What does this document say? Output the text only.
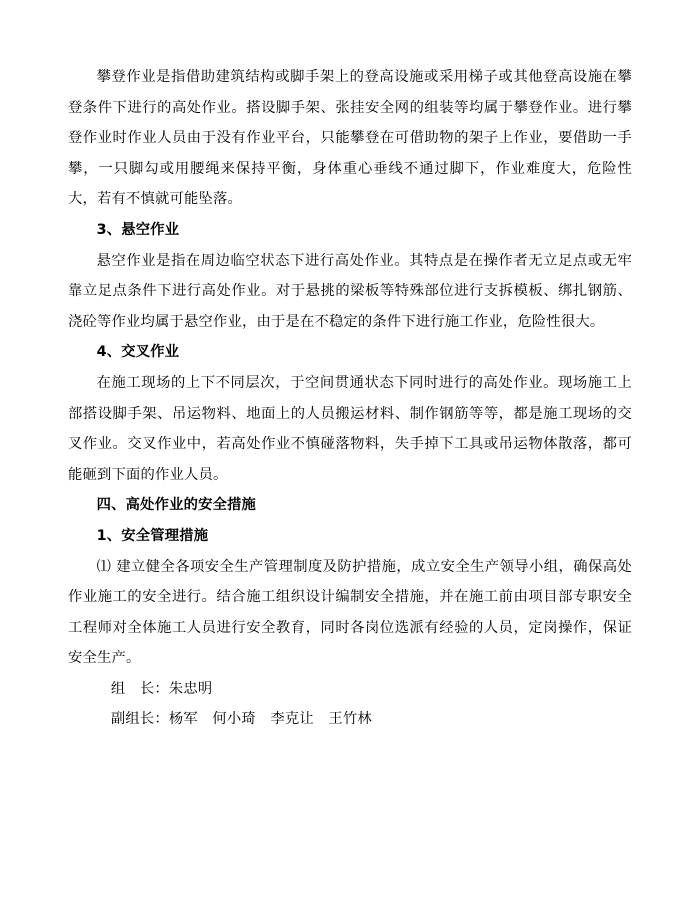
攀登作业是指借助建筑结构或脚手架上的登高设施或采用梯子或其他登高设施在攀登条件下进行的高处作业。搭设脚手架、张挂安全网的组装等均属于攀登作业。进行攀登作业时作业人员由于没有作业平台，只能攀登在可借助物的架子上作业，要借助一手攀，一只脚勾或用腰绳来保持平衡，身体重心垂线不通过脚下，作业难度大，危险性大，若有不慎就可能坠落。

3、悬空作业

悬空作业是指在周边临空状态下进行高处作业。其特点是在操作者无立足点或无牢靠立足点条件下进行高处作业。对于悬挑的梁板等特殊部位进行支拆模板、绑扎钢筋、浇砼等作业均属于悬空作业，由于是在不稳定的条件下进行施工作业，危险性很大。

4、交叉作业

在施工现场的上下不同层次，于空间贯通状态下同时进行的高处作业。现场施工上部搭设脚手架、吊运物料、地面上的人员搬运材料、制作钢筋等等，都是施工现场的交叉作业。交叉作业中，若高处作业不慎碰落物料，失手掉下工具或吊运物体散落，都可能砸到下面的作业人员。

四、高处作业的安全措施

1、安全管理措施

⑴ 建立健全各项安全生产管理制度及防护措施，成立安全生产领导小组，确保高处作业施工的安全进行。结合施工组织设计编制安全措施，并在施工前由项目部专职安全工程师对全体施工人员进行安全教育，同时各岗位选派有经验的人员，定岗操作，保证安全生产。

组　长：朱忠明

副组长：杨军　何小琦　李克让　王竹林
